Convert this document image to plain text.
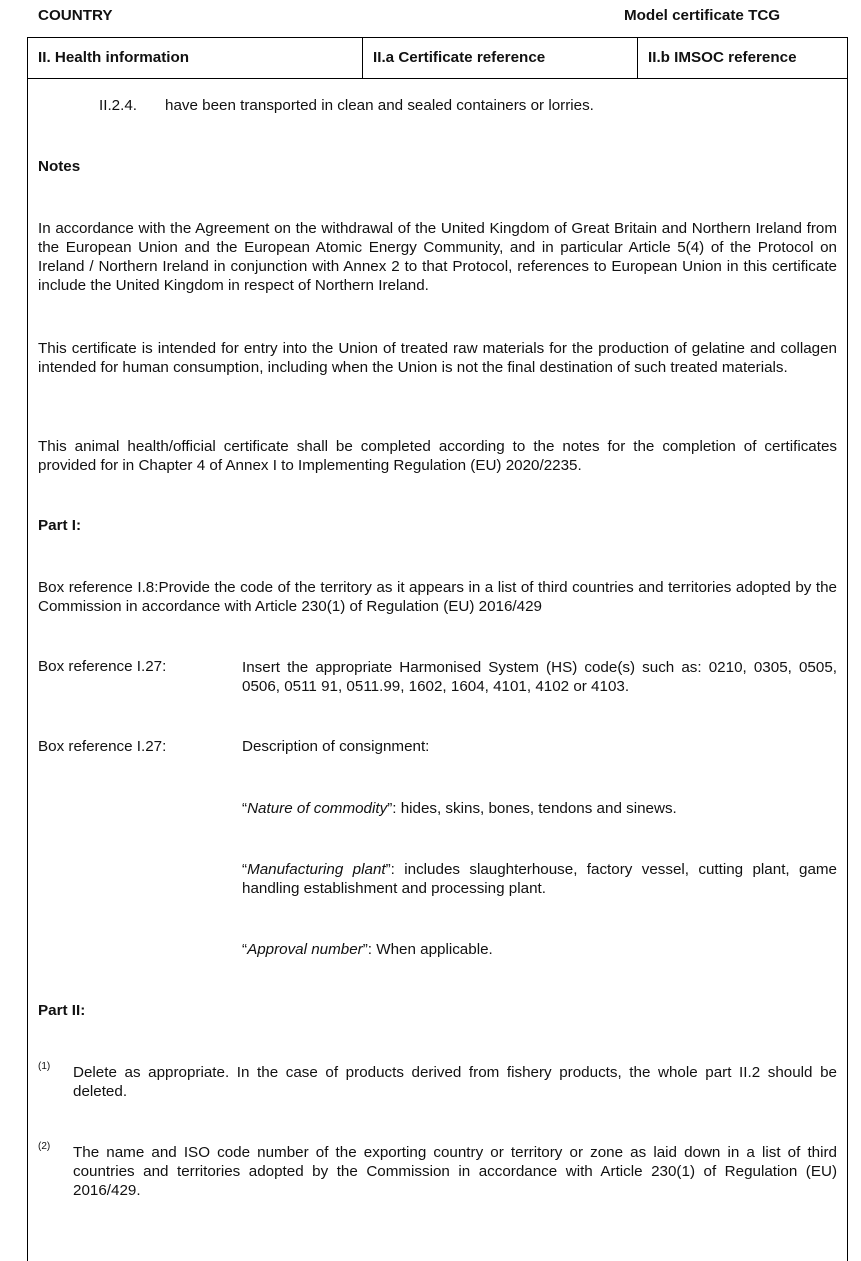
COUNTRY	Model certificate TCG
II. Health information	II.a Certificate reference	II.b IMSOC reference
II.2.4. have been transported in clean and sealed containers or lorries.
Notes
In accordance with the Agreement on the withdrawal of the United Kingdom of Great Britain and Northern Ireland from the European Union and the European Atomic Energy Community, and in particular Article 5(4) of the Protocol on Ireland / Northern Ireland in conjunction with Annex 2 to that Protocol, references to European Union in this certificate include the United Kingdom in respect of Northern Ireland.
This certificate is intended for entry into the Union of treated raw materials for the production of gelatine and collagen intended for human consumption, including when the Union is not the final destination of such treated materials.
This animal health/official certificate shall be completed according to the notes for the completion of certificates provided for in Chapter 4 of Annex I to Implementing Regulation (EU) 2020/2235.
Part I:
Box reference I.8:Provide the code of the territory as it appears in a list of third countries and territories adopted by the Commission in accordance with Article 230(1) of Regulation (EU) 2016/429
Box reference I.27:	Insert the appropriate Harmonised System (HS) code(s) such as: 0210, 0305, 0505, 0506, 0511 91, 0511.99, 1602, 1604, 4101, 4102 or 4103.
Box reference I.27:	Description of consignment:
“Nature of commodity”: hides, skins, bones, tendons and sinews.
“Manufacturing plant”: includes slaughterhouse, factory vessel, cutting plant, game handling establishment and processing plant.
“Approval number”: When applicable.
Part II:
(1) Delete as appropriate. In the case of products derived from fishery products, the whole part II.2 should be deleted.
(2) The name and ISO code number of the exporting country or territory or zone as laid down in a list of third countries and territories adopted by the Commission in accordance with Article 230(1) of Regulation (EU) 2016/429.
